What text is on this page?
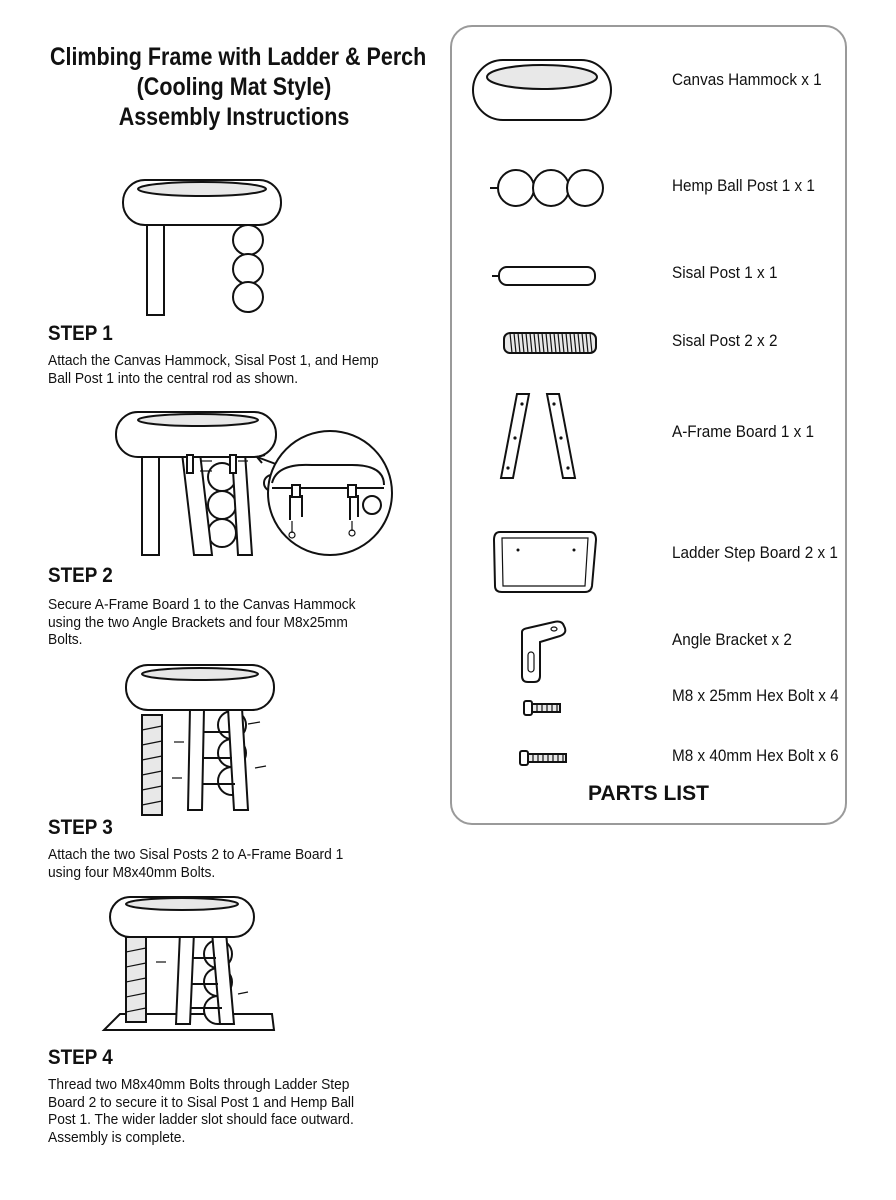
Climbing Frame with Ladder & Perch
(Cooling Mat Style)
Assembly Instructions
STEP 1
Attach the Canvas Hammock, Sisal Post 1, and Hemp
Ball Post 1 into the central rod as shown.
STEP 2
Secure A-Frame Board 1 to the Canvas Hammock
using the two Angle Brackets and four M8x25mm
Bolts.
STEP 3
Attach the two Sisal Posts 2 to A-Frame Board 1
using four M8x40mm Bolts.
STEP 4
Thread two M8x40mm Bolts through Ladder Step
Board 2 to secure it to Sisal Post 1 and Hemp Ball
Post 1. The wider ladder slot should face outward.
Assembly is complete.
Canvas Hammock x 1
Hemp Ball Post 1 x 1
Sisal Post 1 x 1
Sisal Post 2 x 2
A-Frame Board 1 x 1
Ladder Step Board 2 x 1
Angle Bracket x 2
M8 x 25mm Hex Bolt x 4
M8 x 40mm Hex Bolt x 6
PARTS LIST
